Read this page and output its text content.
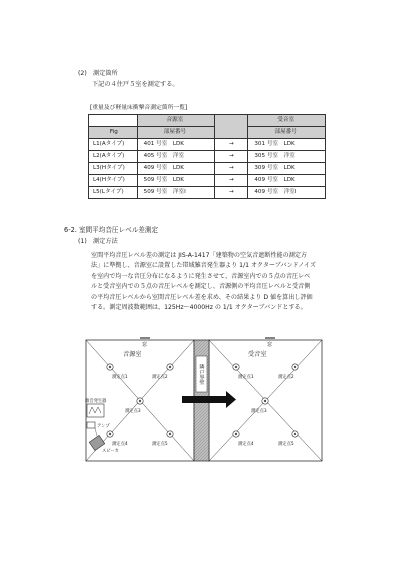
(2)　測定箇所
下記の４住戸５室を測定する。
[重量及び軽量床衝撃音測定箇所一覧]
	音源室		受音室
Fig	部屋番号		部屋番号
L1(Aタイプ)	401 号室　LDK	→	301 号室　LDK
L2(Aタイプ)	405 号室　洋室	→	305 号室　洋室
L3(Hタイプ)	409 号室　LDK	→	309 号室　LDK
L4(Hタイプ)	509 号室　LDK	→	409 号室　LDK
L5(Lタイプ)	509 号室　洋室Ⅰ	→	409 号室　洋室Ⅰ
6-2. 室間平均音圧レベル差測定
(1)　測定方法
室間平均音圧レベル差の測定は JIS-A-1417「建築物の空気音遮断性能の測定方
法」に準拠し、音源室に設置した帯域雑音発生器より 1/1 オクターブバンドノイズ
を室内で均一な音圧分布になるように発生させて、音源室内での５点の音圧レベ
ルと受音室内での５点の音圧レベルを測定し、音源側の平均音圧レベルと受音側
の平均音圧レベルから室間音圧レベル差を求め、その結果より D 値を算出し評価
する。測定周波数範囲は、125Hz～4000Hz の 1/1 オクターブバンドとする。
音源室	受音室
窓	窓
隣戸界壁
雑音発生器
アンプ
スピーカ
測定点1	測定点2
測定点3
測定点4	測定点5
測定点1	測定点2
測定点3
測定点4	測定点5
